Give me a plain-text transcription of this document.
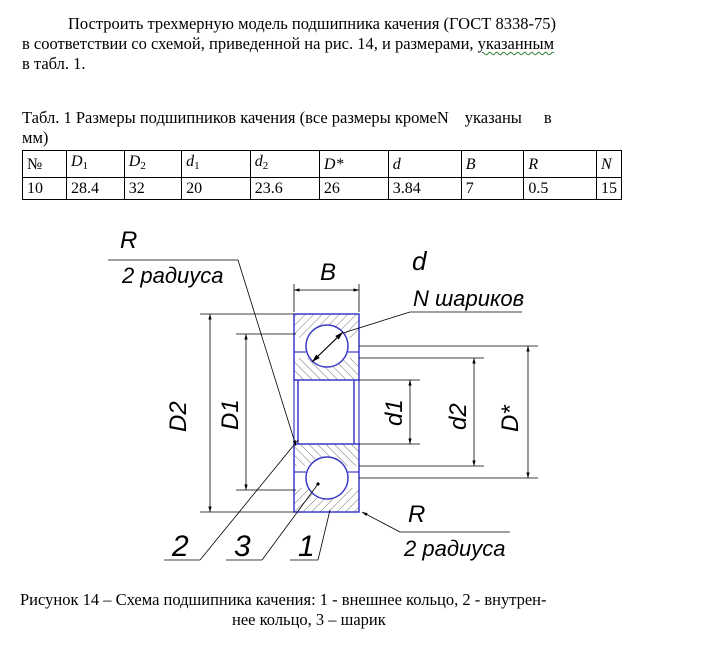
Построить трехмерную модель подшипника качения (ГОСТ 8338-75)
в соответствии со схемой, приведенной на рис. 14, и размерами, указанным
в табл. 1.
Табл. 1 Размеры подшипников качения (все размеры кромеN указаны в
мм)
№	$D_1$	$D_2$	$d_1$	$d_2$	D*	d	B	R	N
10	28.4	32	20	23.6	26	3.84	7	0.5	15
B	d
N шариков
R
2 радиуса
D2 D1	d1 d2 D*
R
2 радиуса
2 3 1
Рисунок 14 – Схема подшипника качения: 1 - внешнее кольцо, 2 - внутрен-
нее кольцо, 3 – шарик
